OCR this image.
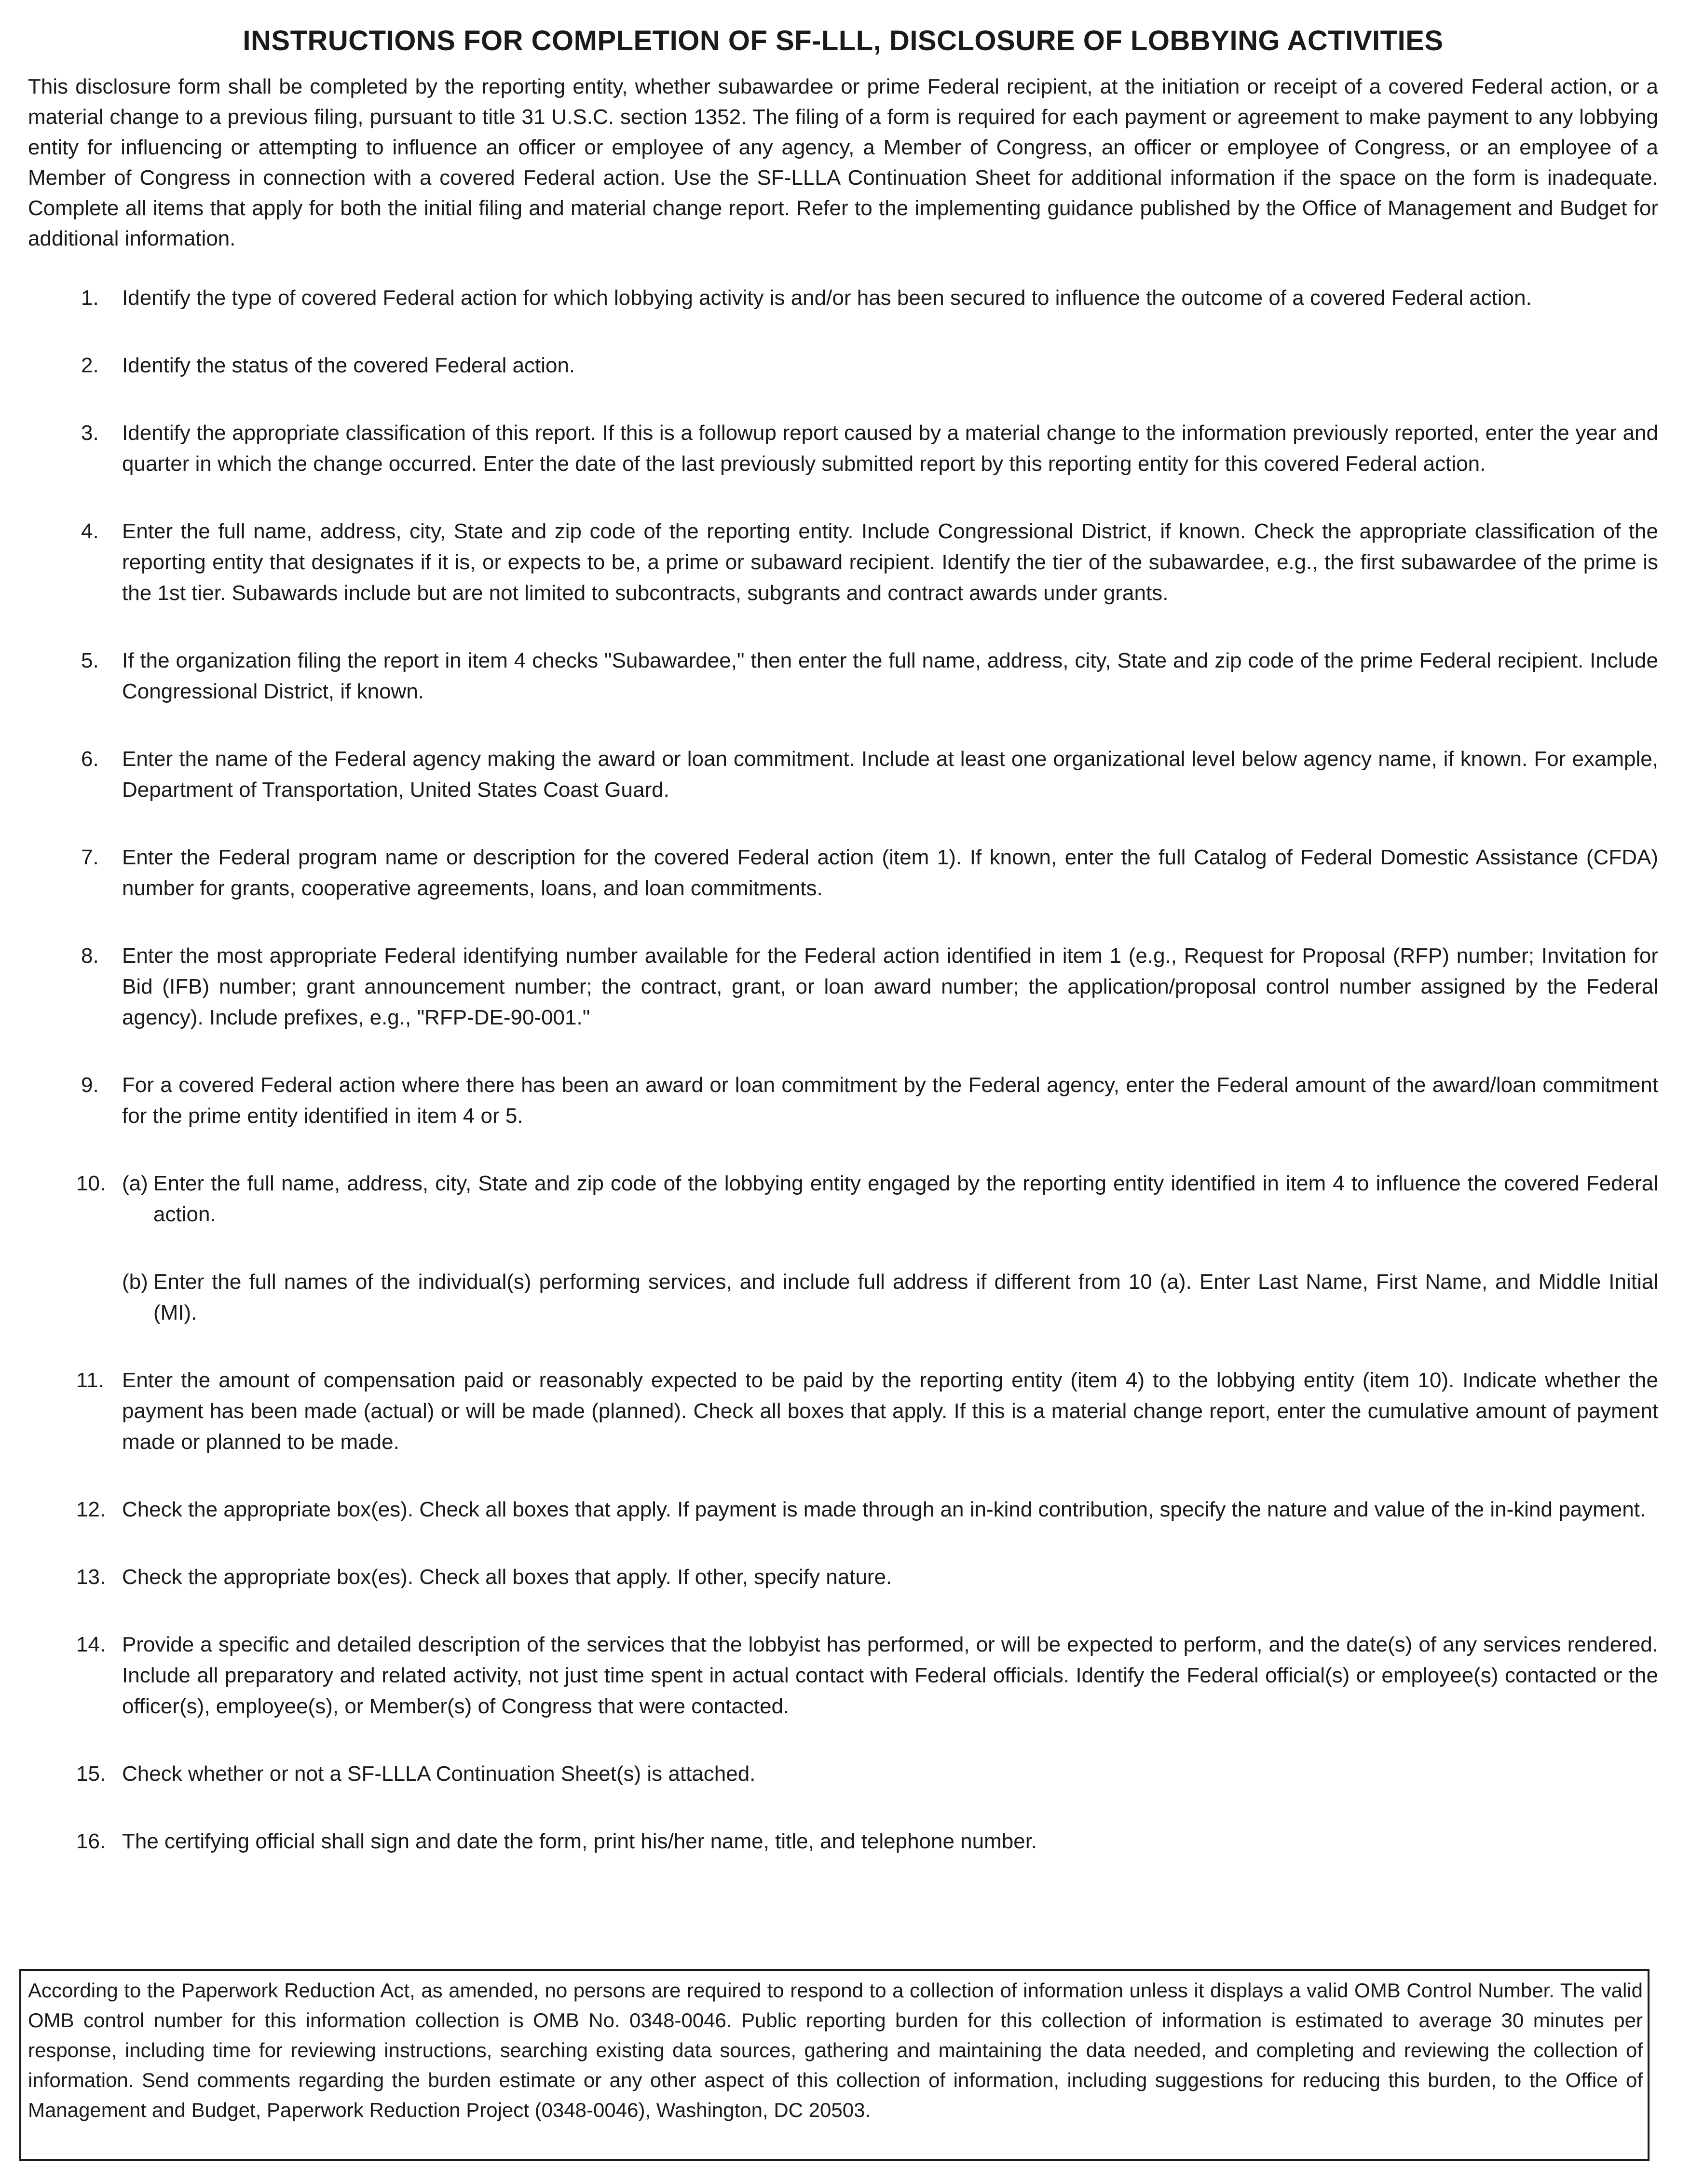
INSTRUCTIONS FOR COMPLETION OF SF-LLL, DISCLOSURE OF LOBBYING ACTIVITIES
This disclosure form shall be completed by the reporting entity, whether subawardee or prime Federal recipient, at the initiation or receipt of a covered Federal action, or a material change to a previous filing, pursuant to title 31 U.S.C. section 1352. The filing of a form is required for each payment or agreement to make payment to any lobbying entity for influencing or attempting to influence an officer or employee of any agency, a Member of Congress, an officer or employee of Congress, or an employee of a Member of Congress in connection with a covered Federal action. Use the SF-LLLA Continuation Sheet for additional information if the space on the form is inadequate. Complete all items that apply for both the initial filing and material change report. Refer to the implementing guidance published by the Office of Management and Budget for additional information.
1.	Identify the type of covered Federal action for which lobbying activity is and/or has been secured to influence the outcome of a covered Federal action.
2.	Identify the status of the covered Federal action.
3.	Identify the appropriate classification of this report. If this is a followup report caused by a material change to the information previously reported, enter the year and quarter in which the change occurred. Enter the date of the last previously submitted report by this reporting entity for this covered Federal action.
4.	Enter the full name, address, city, State and zip code of the reporting entity. Include Congressional District, if known. Check the appropriate classification of the reporting entity that designates if it is, or expects to be, a prime or subaward recipient. Identify the tier of the subawardee, e.g., the first subawardee of the prime is the 1st tier. Subawards include but are not limited to subcontracts, subgrants and contract awards under grants.
5.	If the organization filing the report in item 4 checks "Subawardee," then enter the full name, address, city, State and zip code of the prime Federal recipient. Include Congressional District, if known.
6.	Enter the name of the Federal agency making the award or loan commitment. Include at least one organizational level below agency name, if known. For example, Department of Transportation, United States Coast Guard.
7.	Enter the Federal program name or description for the covered Federal action (item 1). If known, enter the full Catalog of Federal Domestic Assistance (CFDA) number for grants, cooperative agreements, loans, and loan commitments.
8.	Enter the most appropriate Federal identifying number available for the Federal action identified in item 1 (e.g., Request for Proposal (RFP) number; Invitation for Bid (IFB) number; grant announcement number; the contract, grant, or loan award number; the application/proposal control number assigned by the Federal agency). Include prefixes, e.g., "RFP-DE-90-001."
9.	For a covered Federal action where there has been an award or loan commitment by the Federal agency, enter the Federal amount of the award/loan commitment for the prime entity identified in item 4 or 5.
10. (a) Enter the full name, address, city, State and zip code of the lobbying entity engaged by the reporting entity identified in item 4 to influence the covered Federal action.
(b) Enter the full names of the individual(s) performing services, and include full address if different from 10 (a). Enter Last Name, First Name, and Middle Initial (MI).
11. Enter the amount of compensation paid or reasonably expected to be paid by the reporting entity (item 4) to the lobbying entity (item 10). Indicate whether the payment has been made (actual) or will be made (planned). Check all boxes that apply. If this is a material change report, enter the cumulative amount of payment made or planned to be made.
12. Check the appropriate box(es). Check all boxes that apply. If payment is made through an in-kind contribution, specify the nature and value of the in-kind payment.
13. Check the appropriate box(es). Check all boxes that apply. If other, specify nature.
14. Provide a specific and detailed description of the services that the lobbyist has performed, or will be expected to perform, and the date(s) of any services rendered. Include all preparatory and related activity, not just time spent in actual contact with Federal officials. Identify the Federal official(s) or employee(s) contacted or the officer(s), employee(s), or Member(s) of Congress that were contacted.
15. Check whether or not a SF-LLLA Continuation Sheet(s) is attached.
16. The certifying official shall sign and date the form, print his/her name, title, and telephone number.
According to the Paperwork Reduction Act, as amended, no persons are required to respond to a collection of information unless it displays a valid OMB Control Number. The valid OMB control number for this information collection is OMB No. 0348-0046. Public reporting burden for this collection of information is estimated to average 30 minutes per response, including time for reviewing instructions, searching existing data sources, gathering and maintaining the data needed, and completing and reviewing the collection of information. Send comments regarding the burden estimate or any other aspect of this collection of information, including suggestions for reducing this burden, to the Office of Management and Budget, Paperwork Reduction Project (0348-0046), Washington, DC 20503.
